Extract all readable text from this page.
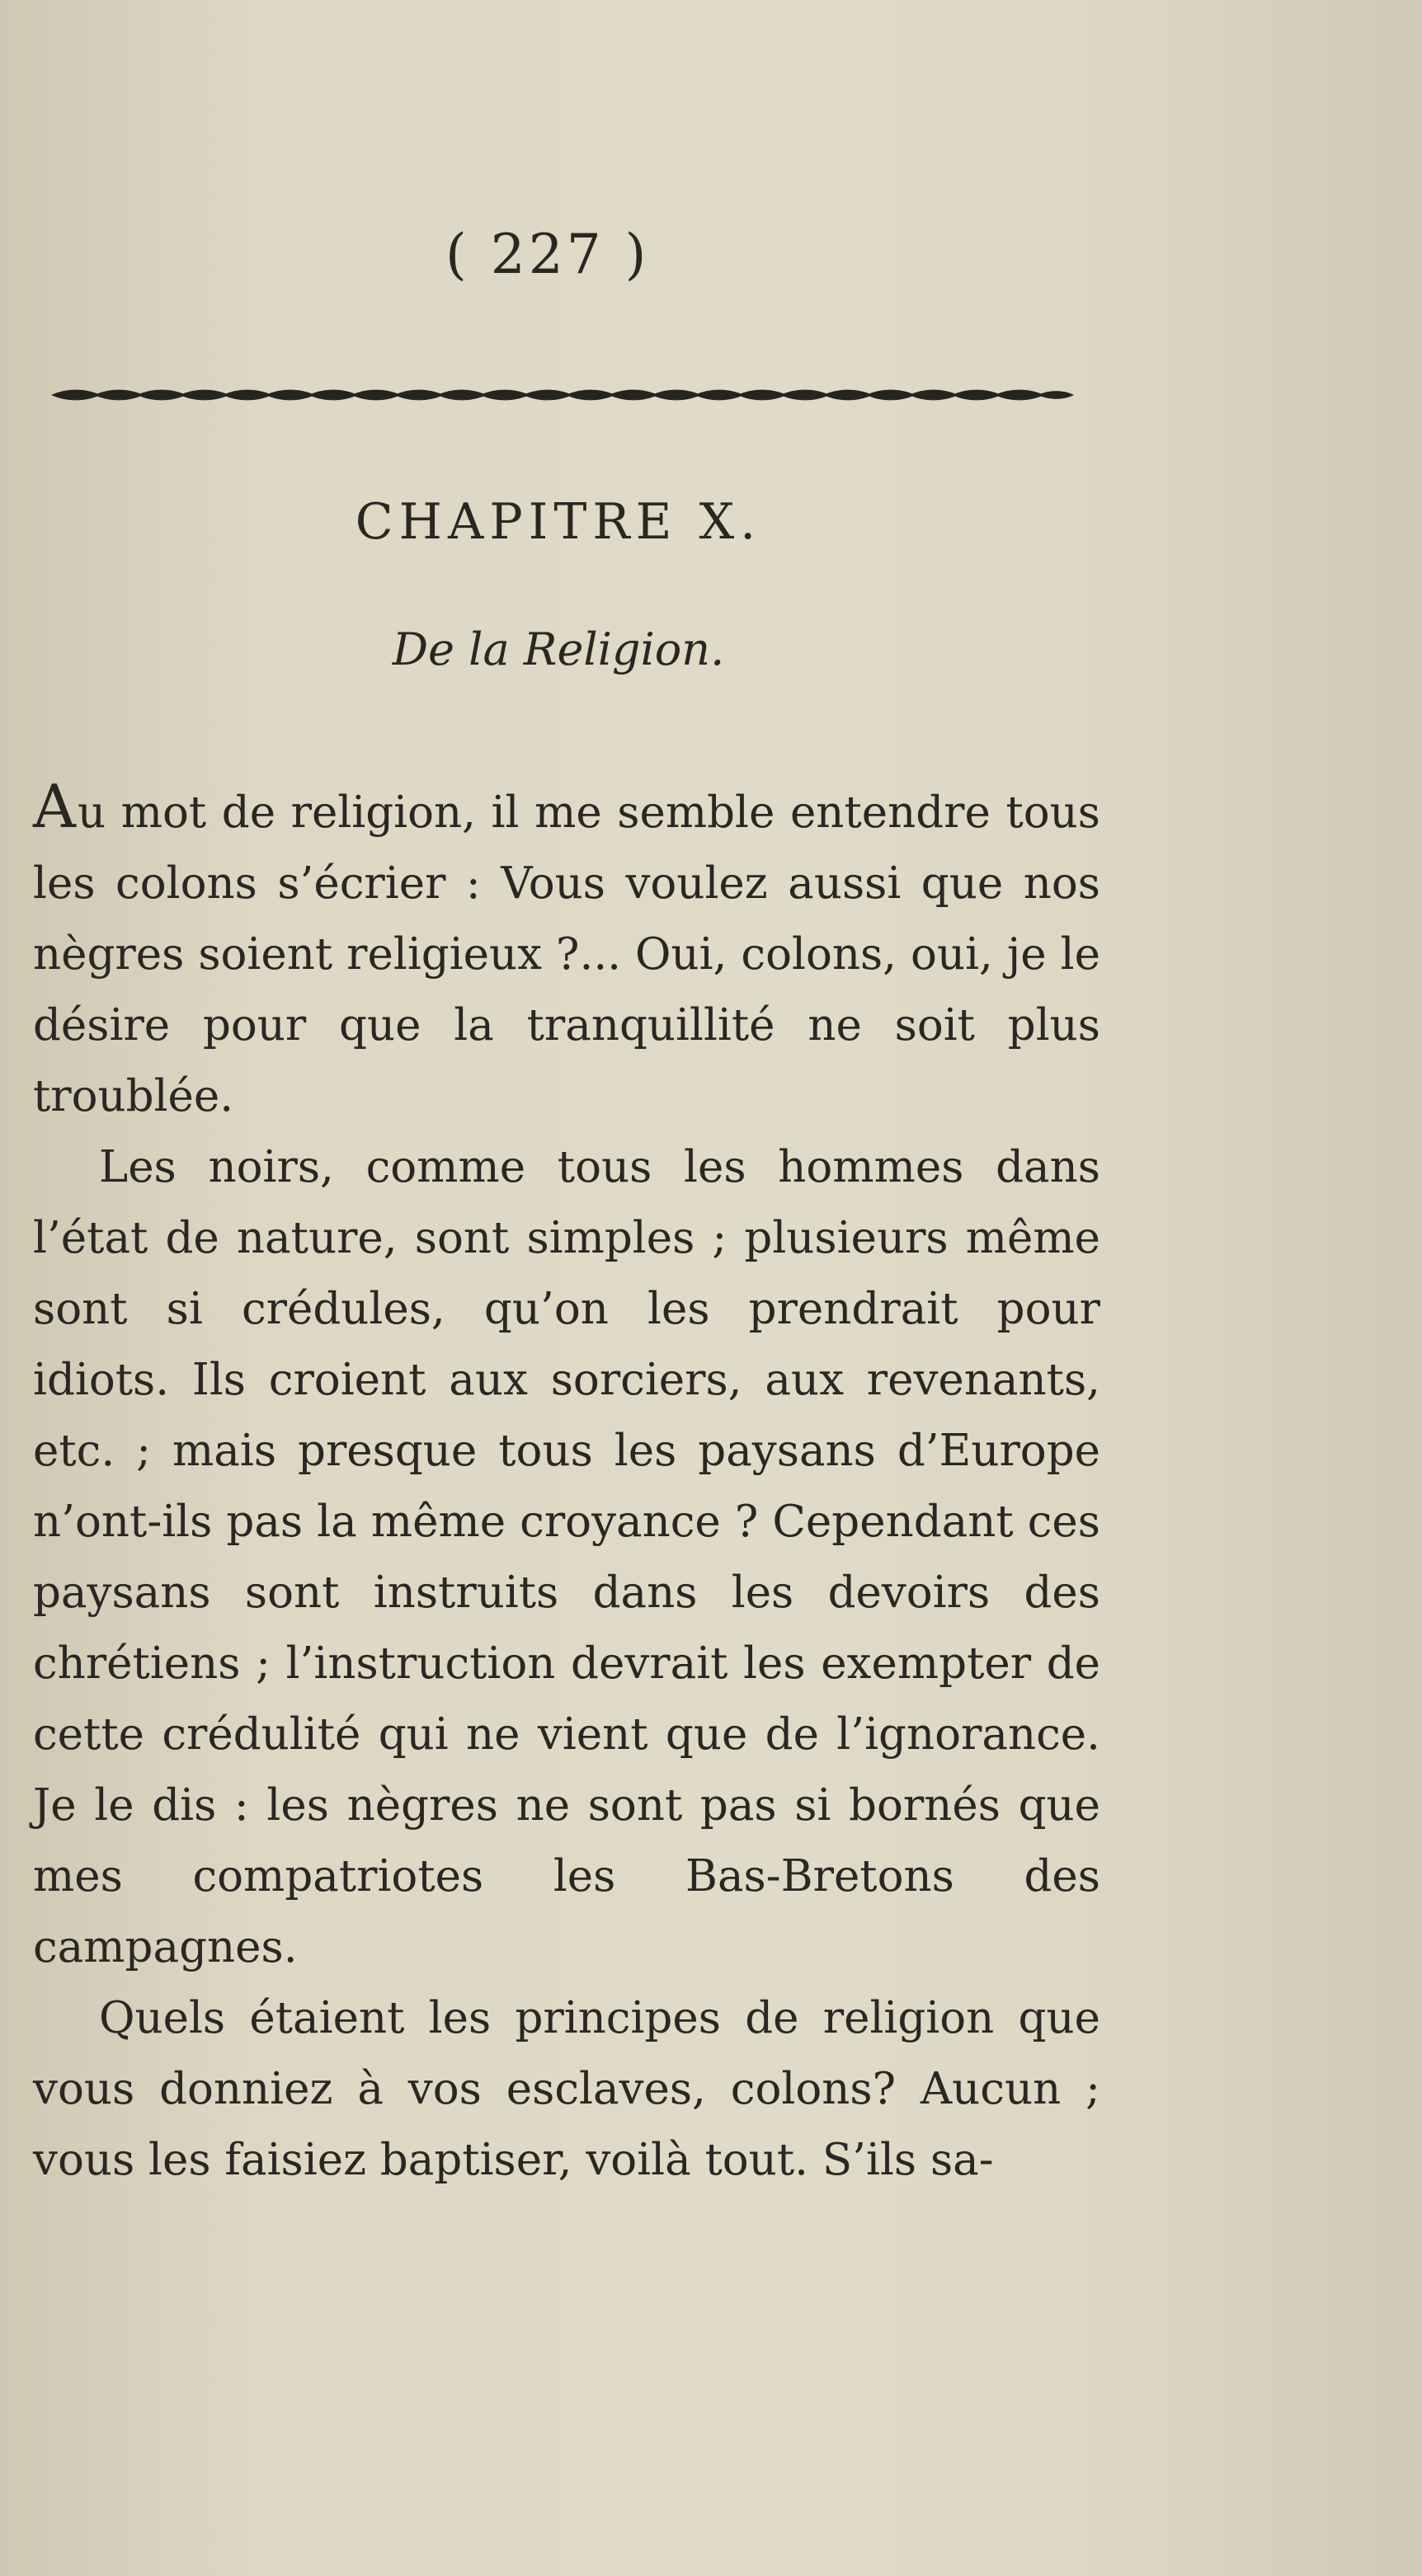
( 227 )
CHAPITRE X.
De la Religion.

Au mot de religion, il me semble entendre tous les colons s’écrier : Vous voulez aussi que nos nègres soient religieux ?... Oui, colons, oui, je le désire pour que la tranquillité ne soit plus troublée.

Les noirs, comme tous les hommes dans l’état de nature, sont simples ; plusieurs même sont si crédules, qu’on les prendrait pour idiots. Ils croient aux sorciers, aux revenants, etc. ; mais presque tous les paysans d’Europe n’ont-ils pas la même croyance ? Cependant ces paysans sont instruits dans les devoirs des chrétiens ; l’instruction devrait les exempter de cette crédulité qui ne vient que de l’ignorance. Je le dis : les nègres ne sont pas si bornés que mes compatriotes les Bas-Bretons des campagnes.

Quels étaient les principes de religion que vous donniez à vos esclaves, colons? Aucun ; vous les faisiez baptiser, voilà tout. S’ils sa-
